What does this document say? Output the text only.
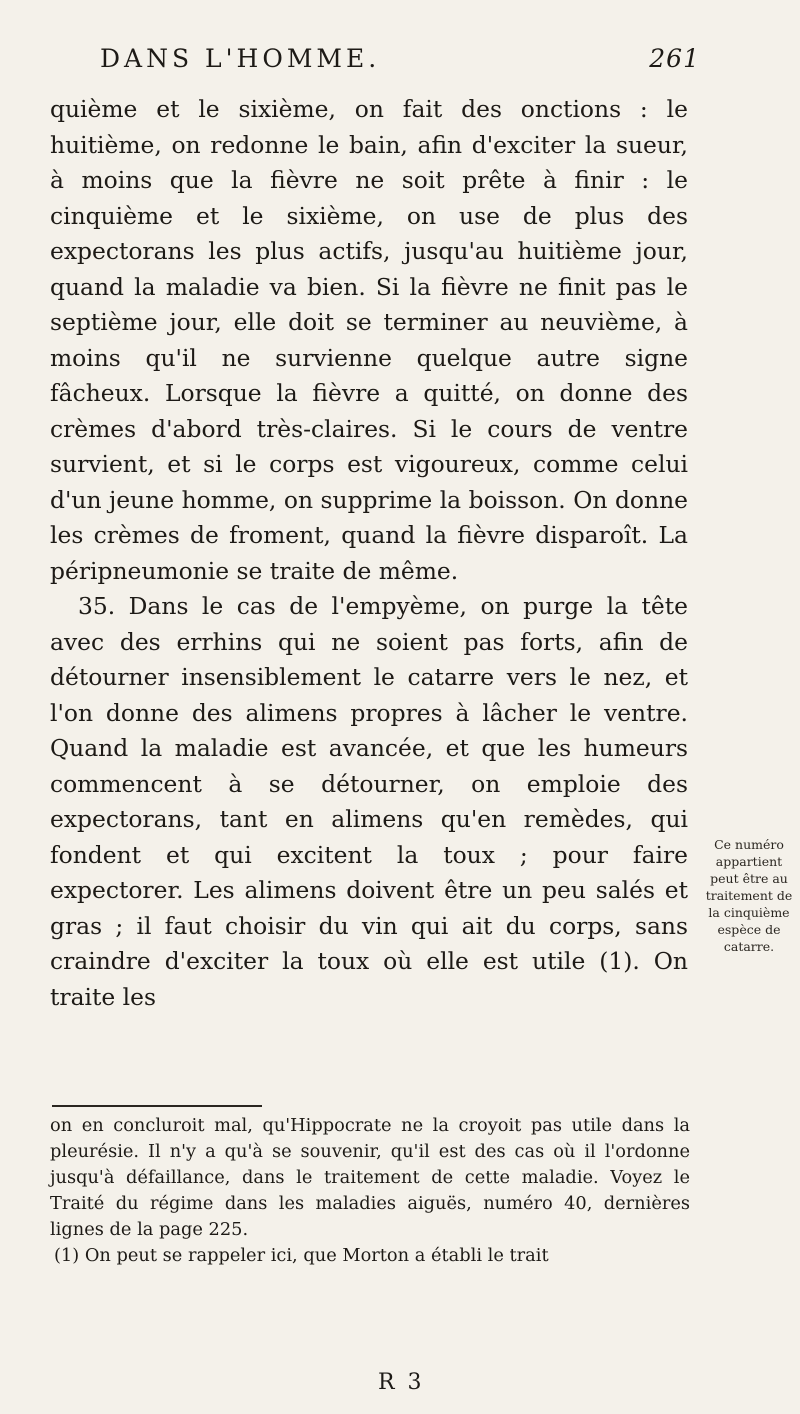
DANS L'HOMME.	261

quième et le sixième, on fait des onctions : le huitième, on redonne le bain, afin d'exciter la sueur, à moins que la fièvre ne soit prête à finir : le cinquième et le sixième, on use de plus des expectorans les plus actifs, jusqu'au huitième jour, quand la maladie va bien. Si la fièvre ne finit pas le septième jour, elle doit se terminer au neuvième, à moins qu'il ne survienne quelque autre signe fâcheux. Lorsque la fièvre a quitté, on donne des crèmes d'abord très-claires. Si le cours de ventre survient, et si le corps est vigoureux, comme celui d'un jeune homme, on supprime la boisson. On donne les crèmes de froment, quand la fièvre disparoît. La péripneumonie se traite de même.

35. Dans le cas de l'empyème, on purge la tête avec des errhins qui ne soient pas forts, afin de détourner insensiblement le catarre vers le nez, et l'on donne des alimens propres à lâcher le ventre. Quand la maladie est avancée, et que les humeurs commencent à se détourner, on emploie des expectorans, tant en alimens qu'en remèdes, qui fondent et qui excitent la toux ; pour faire expectorer. Les alimens doivent être un peu salés et gras ; il faut choisir du vin qui ait du corps, sans craindre d'exciter la toux où elle est utile (1). On traite les

Ce numéro appartient peut être au traitement de la cinquième espèce de catarre.

on en concluroit mal, qu'Hippocrate ne la croyoit pas utile dans la pleurésie. Il n'y a qu'à se souvenir, qu'il est des cas où il l'ordonne jusqu'à défaillance, dans le traitement de cette maladie. Voyez le Traité du régime dans les maladies aiguës, numéro 40, dernières lignes de la page 225.

(1) On peut se rappeler ici, que Morton a établi le trait

R 3
